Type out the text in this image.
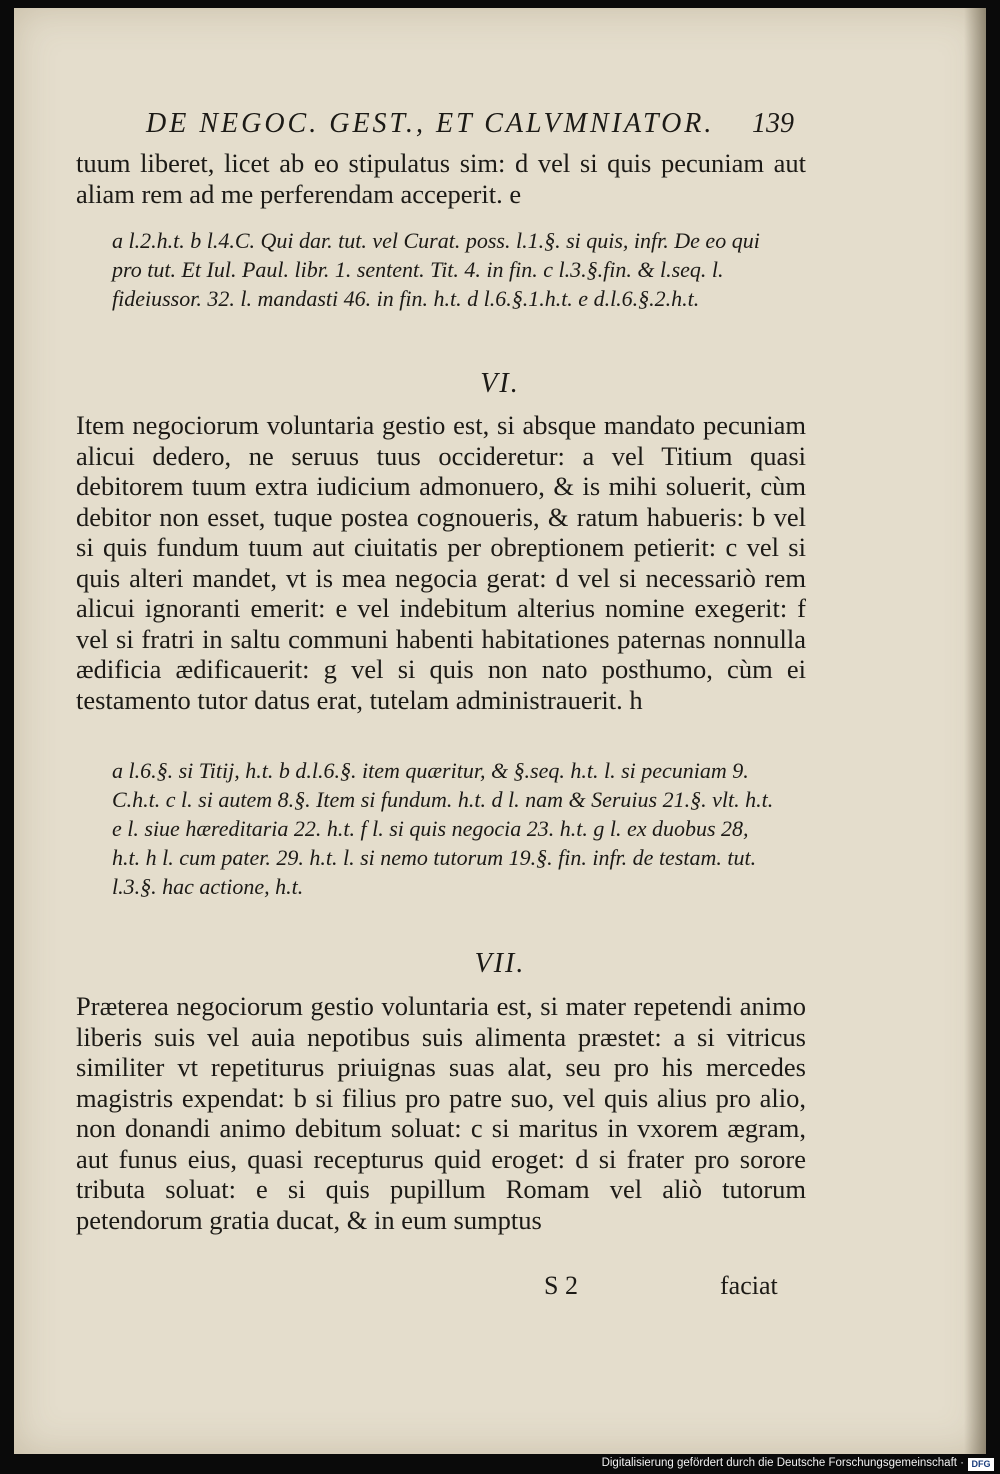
DE NEGOC. GEST., ET CALVMNIATOR.	139
tuum liberet, licet ab eo stipulatus sim: d vel si quis pecuniam aut aliam rem ad me perferendam acceperit. e
a l.2.h.t. b l.4.C. Qui dar. tut. vel Curat. poss. l.1.§. si quis, infr. De eo qui pro tut. Et Iul. Paul. libr. 1. sentent. Tit. 4. in fin. c l.3.§.fin. & l.seq. l. fideiussor. 32. l. mandasti 46. in fin. h.t. d l.6.§.1.h.t. e d.l.6.§.2.h.t.
VI.
Item negociorum voluntaria gestio est, si absque mandato pecuniam alicui dedero, ne seruus tuus occideretur: a vel Titium quasi debitorem tuum extra iudicium admonuero, & is mihi soluerit, cùm debitor non esset, tuque postea cognoueris, & ratum habueris: b vel si quis fundum tuum aut ciuitatis per obreptionem petierit: c vel si quis alteri mandet, vt is mea negocia gerat: d vel si necessariò rem alicui ignoranti emerit: e vel indebitum alterius nomine exegerit: f vel si fratri in saltu communi habenti habitationes paternas nonnulla ædificia ædificauerit: g vel si quis non nato posthumo, cùm ei testamento tutor datus erat, tutelam administrauerit. h
a l.6.§. si Titij, h.t. b d.l.6.§. item quæritur, & §.seq. h.t. l. si pecuniam 9. C.h.t. c l. si autem 8.§. Item si fundum. h.t. d l. nam & Seruius 21.§. vlt. h.t. e l. siue hæreditaria 22. h.t. f l. si quis negocia 23. h.t. g l. ex duobus 28, h.t. h l. cum pater. 29. h.t. l. si nemo tutorum 19.§. fin. infr. de testam. tut. l.3.§. hac actione, h.t.
VII.
Præterea negociorum gestio voluntaria est, si mater repetendi animo liberis suis vel auia nepotibus suis alimenta præstet: a si vitricus similiter vt repetiturus priuignas suas alat, seu pro his mercedes magistris expendat: b si filius pro patre suo, vel quis alius pro alio, non donandi animo debitum soluat: c si maritus in vxorem ægram, aut funus eius, quasi recepturus quid eroget: d si frater pro sorore tributa soluat: e si quis pupillum Romam vel aliò tutorum petendorum gratia ducat, & in eum sumptus
S 2	faciat
Digitalisierung gefördert durch die Deutsche Forschungsgemeinschaft · DFG
